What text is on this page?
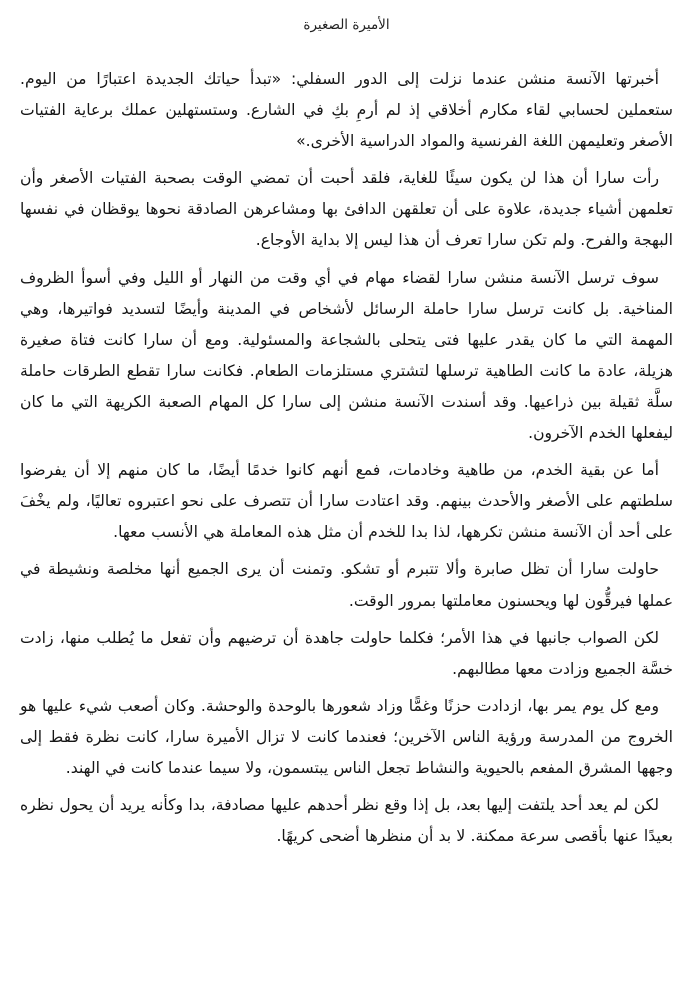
الأميرة الصغيرة

أخبرتها الآنسة منشن عندما نزلت إلى الدور السفلي: «تبدأ حياتك الجديدة اعتبارًا من اليوم. ستعملين لحسابي لقاء مكارم أخلاقي إذ لم أرمِ بكِ في الشارع. وستستهلين عملك برعاية الفتيات الأصغر وتعليمهن اللغة الفرنسية والمواد الدراسية الأخرى.»

رأت سارا أن هذا لن يكون سيئًا للغاية، فلقد أحبت أن تمضي الوقت بصحبة الفتيات الأصغر وأن تعلمهن أشياء جديدة، علاوة على أن تعلقهن الدافئ بها ومشاعرهن الصادقة نحوها يوقظان في نفسها البهجة والفرح. ولم تكن سارا تعرف أن هذا ليس إلا بداية الأوجاع.

سوف ترسل الآنسة منشن سارا لقضاء مهام في أي وقت من النهار أو الليل وفي أسوأ الظروف المناخية. بل كانت ترسل سارا حاملة الرسائل لأشخاص في المدينة وأيضًا لتسديد فواتيرها، وهي المهمة التي ما كان يقدر عليها فتى يتحلى بالشجاعة والمسئولية. ومع أن سارا كانت فتاة صغيرة هزيلة، عادة ما كانت الطاهية ترسلها لتشتري مستلزمات الطعام. فكانت سارا تقطع الطرقات حاملة سلَّة ثقيلة بين ذراعيها. وقد أسندت الآنسة منشن إلى سارا كل المهام الصعبة الكريهة التي ما كان ليفعلها الخدم الآخرون.

أما عن بقية الخدم، من طاهية وخادمات، فمع أنهم كانوا خدمًا أيضًا، ما كان منهم إلا أن يفرضوا سلطتهم على الأصغر والأحدث بينهم. وقد اعتادت سارا أن تتصرف على نحو اعتبروه تعاليًا، ولم يخْفَ على أحد أن الآنسة منشن تكرهها، لذا بدا للخدم أن مثل هذه المعاملة هي الأنسب معها.

حاولت سارا أن تظل صابرة وألا تتبرم أو تشكو. وتمنت أن يرى الجميع أنها مخلصة ونشيطة في عملها فيرقُّون لها ويحسنون معاملتها بمرور الوقت.

لكن الصواب جانبها في هذا الأمر؛ فكلما حاولت جاهدة أن ترضيهم وأن تفعل ما يُطلب منها، زادت خسَّة الجميع وزادت معها مطالبهم.

ومع كل يوم يمر بها، ازدادت حزنًا وغمًّا وزاد شعورها بالوحدة والوحشة. وكان أصعب شيء عليها هو الخروج من المدرسة ورؤية الناس الآخرين؛ فعندما كانت لا تزال الأميرة سارا، كانت نظرة فقط إلى وجهها المشرق المفعم بالحيوية والنشاط تجعل الناس يبتسمون، ولا سيما عندما كانت في الهند.

لكن لم يعد أحد يلتفت إليها بعد، بل إذا وقع نظر أحدهم عليها مصادفة، بدا وكأنه يريد أن يحول نظره بعيدًا عنها بأقصى سرعة ممكنة. لا بد أن منظرها أضحى كريهًا.
